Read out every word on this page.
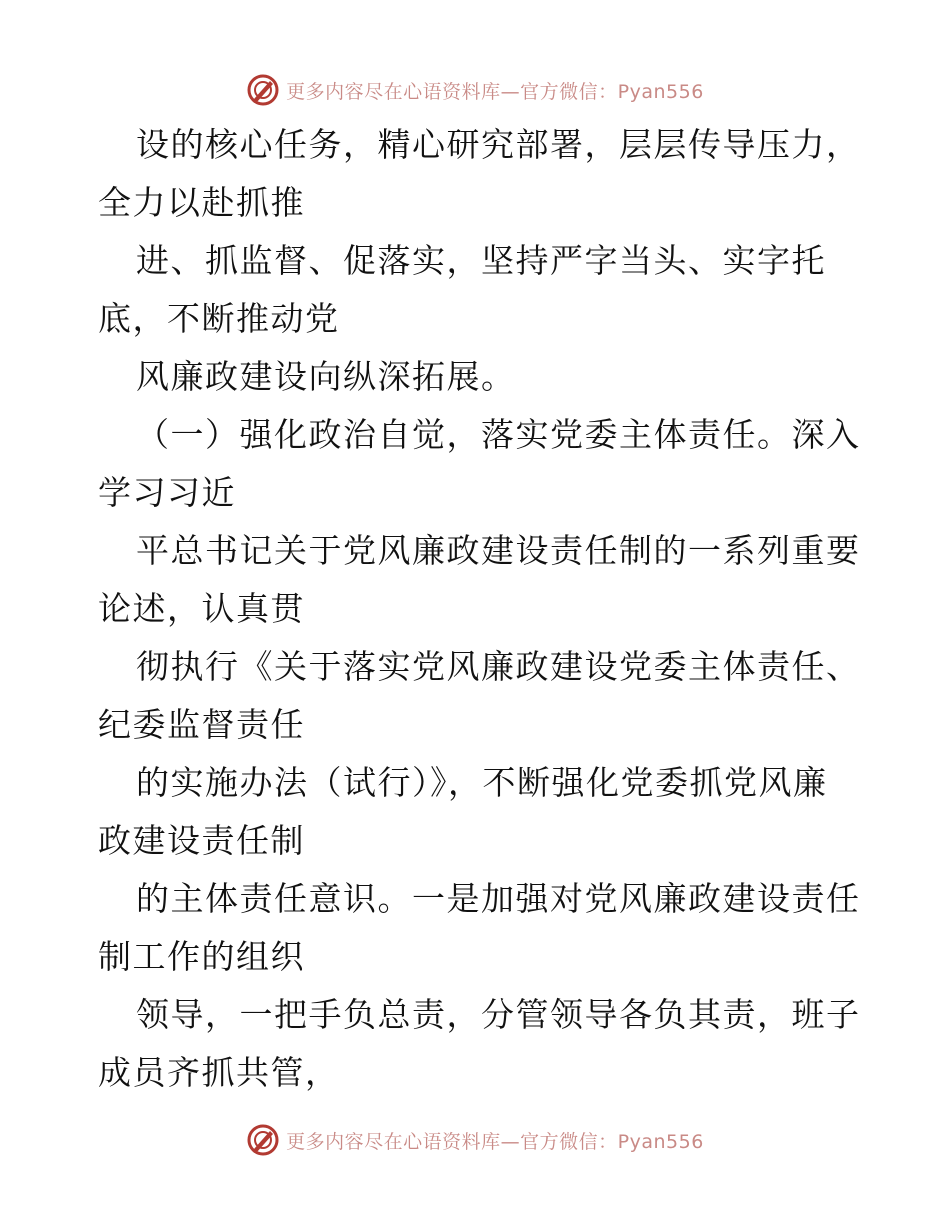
更多内容尽在心语资料库—官方微信：Pyan556
设的核心任务，精心研究部署，层层传导压力，
全力以赴抓推
进、抓监督、促落实，坚持严字当头、实字托
底，不断推动党
风廉政建设向纵深拓展。
（一）强化政治自觉，落实党委主体责任。深入
学习习近
平总书记关于党风廉政建设责任制的一系列重要
论述，认真贯
彻执行《关于落实党风廉政建设党委主体责任、
纪委监督责任
的实施办法（试行）》，不断强化党委抓党风廉
政建设责任制
的主体责任意识。一是加强对党风廉政建设责任
制工作的组织
领导，一把手负总责，分管领导各负其责，班子
成员齐抓共管，
更多内容尽在心语资料库—官方微信：Pyan556
